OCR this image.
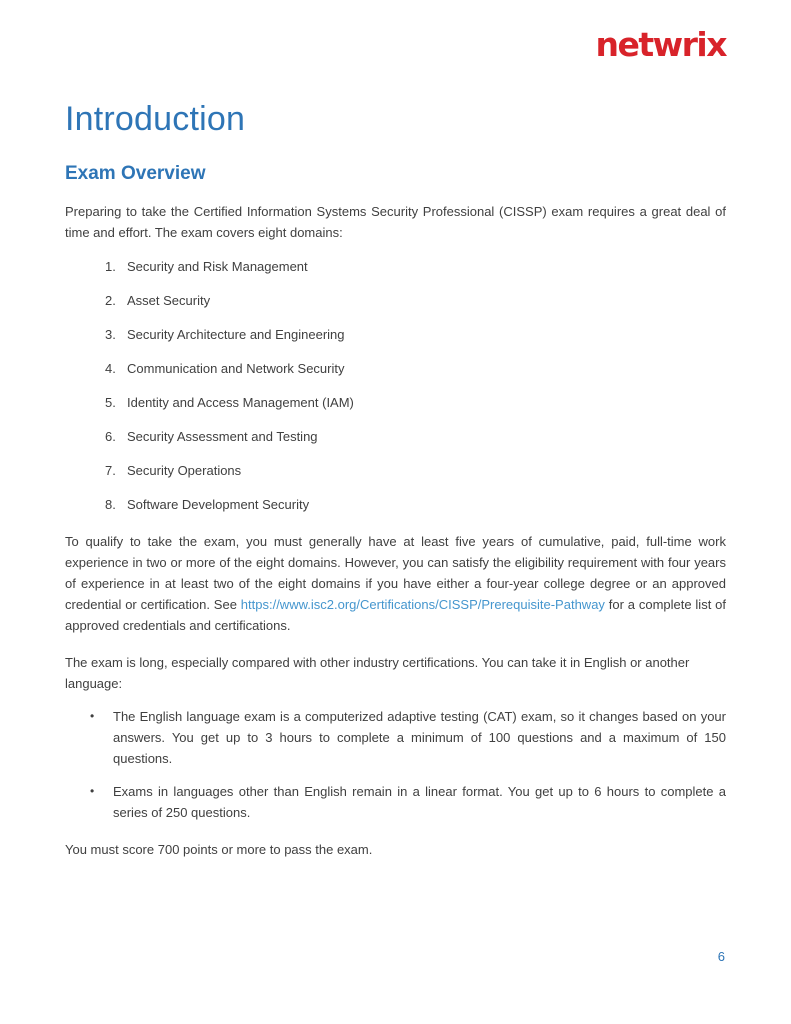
netwrix
Introduction
Exam Overview

Preparing to take the Certified Information Systems Security Professional (CISSP) exam requires a great deal of time and effort. The exam covers eight domains:

1. Security and Risk Management
2. Asset Security
3. Security Architecture and Engineering
4. Communication and Network Security
5. Identity and Access Management (IAM)
6. Security Assessment and Testing
7. Security Operations
8. Software Development Security

To qualify to take the exam, you must generally have at least five years of cumulative, paid, full-time work experience in two or more of the eight domains. However, you can satisfy the eligibility requirement with four years of experience in at least two of the eight domains if you have either a four-year college degree or an approved credential or certification. See https://www.isc2.org/Certifications/CISSP/Prerequisite-Pathway for a complete list of approved credentials and certifications.

The exam is long, especially compared with other industry certifications. You can take it in English or another language:

•	The English language exam is a computerized adaptive testing (CAT) exam, so it changes based on your answers. You get up to 3 hours to complete a minimum of 100 questions and a maximum of 150 questions.
•	Exams in languages other than English remain in a linear format. You get up to 6 hours to complete a series of 250 questions.

You must score 700 points or more to pass the exam.

6
